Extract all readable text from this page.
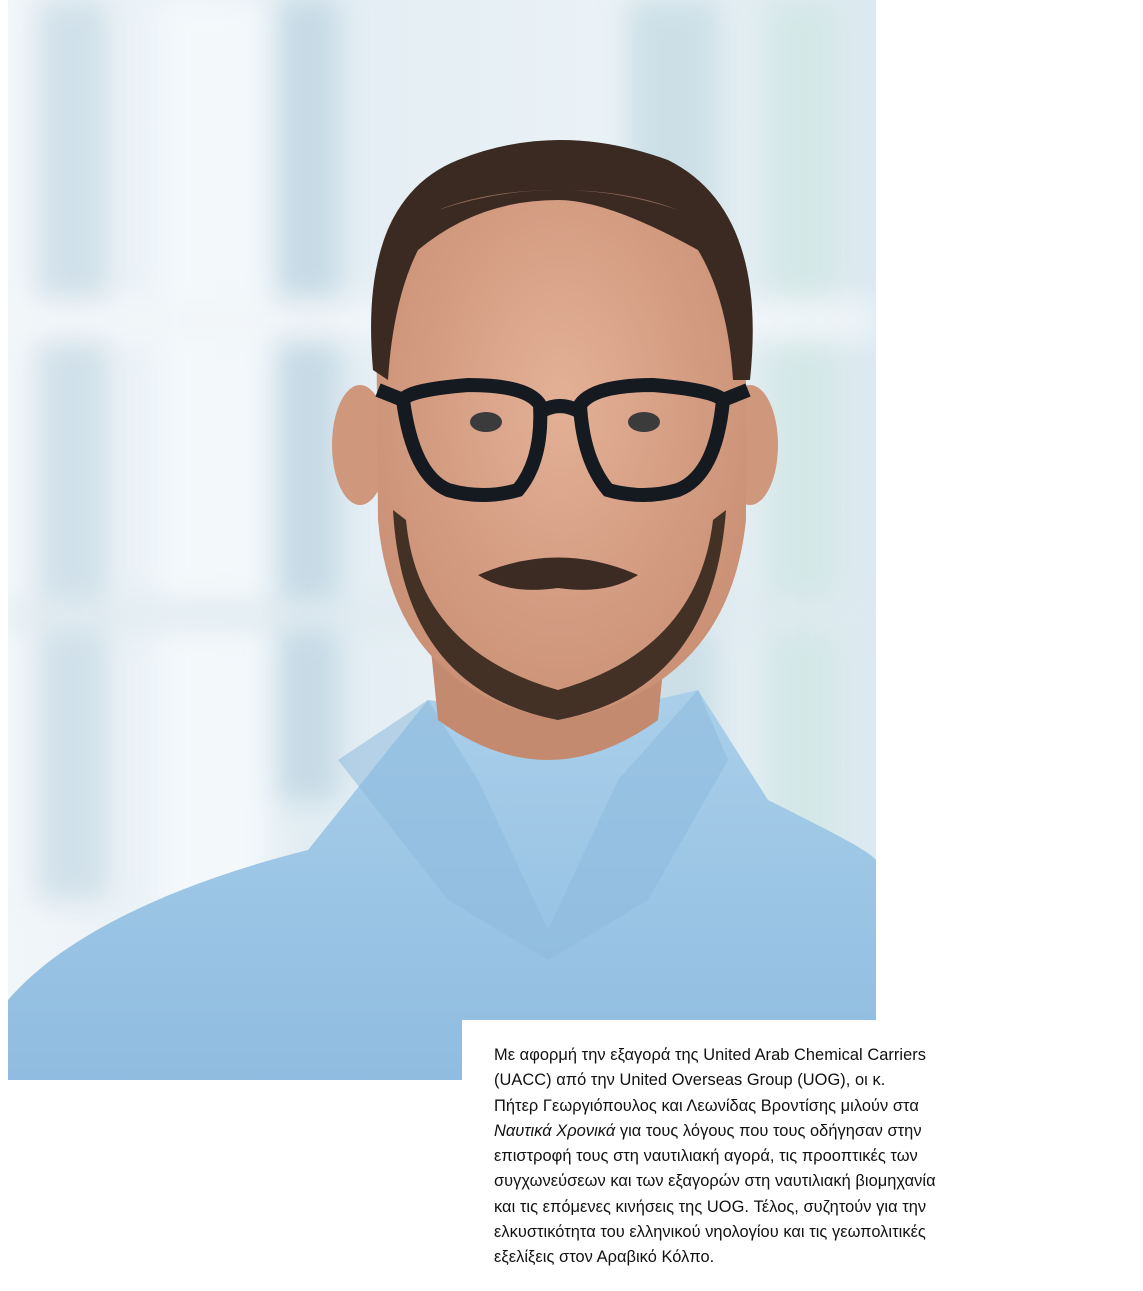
Με αφορμή την εξαγορά της United Arab Chemical Carriers
(UACC) από την United Overseas Group (UOG), οι κ.
Πήτερ Γεωργιόπουλος και Λεωνίδας Βροντίσης μιλούν στα
Ναυτικά Χρονικά για τους λόγους που τους οδήγησαν στην
επιστροφή τους στη ναυτιλιακή αγορά, τις προοπτικές των
συγχωνεύσεων και των εξαγορών στη ναυτιλιακή βιομηχανία
και τις επόμενες κινήσεις της UOG. Τέλος, συζητούν για την
ελκυστικότητα του ελληνικού νηολογίου και τις γεωπολιτικές
εξελίξεις στον Αραβικό Κόλπο.
